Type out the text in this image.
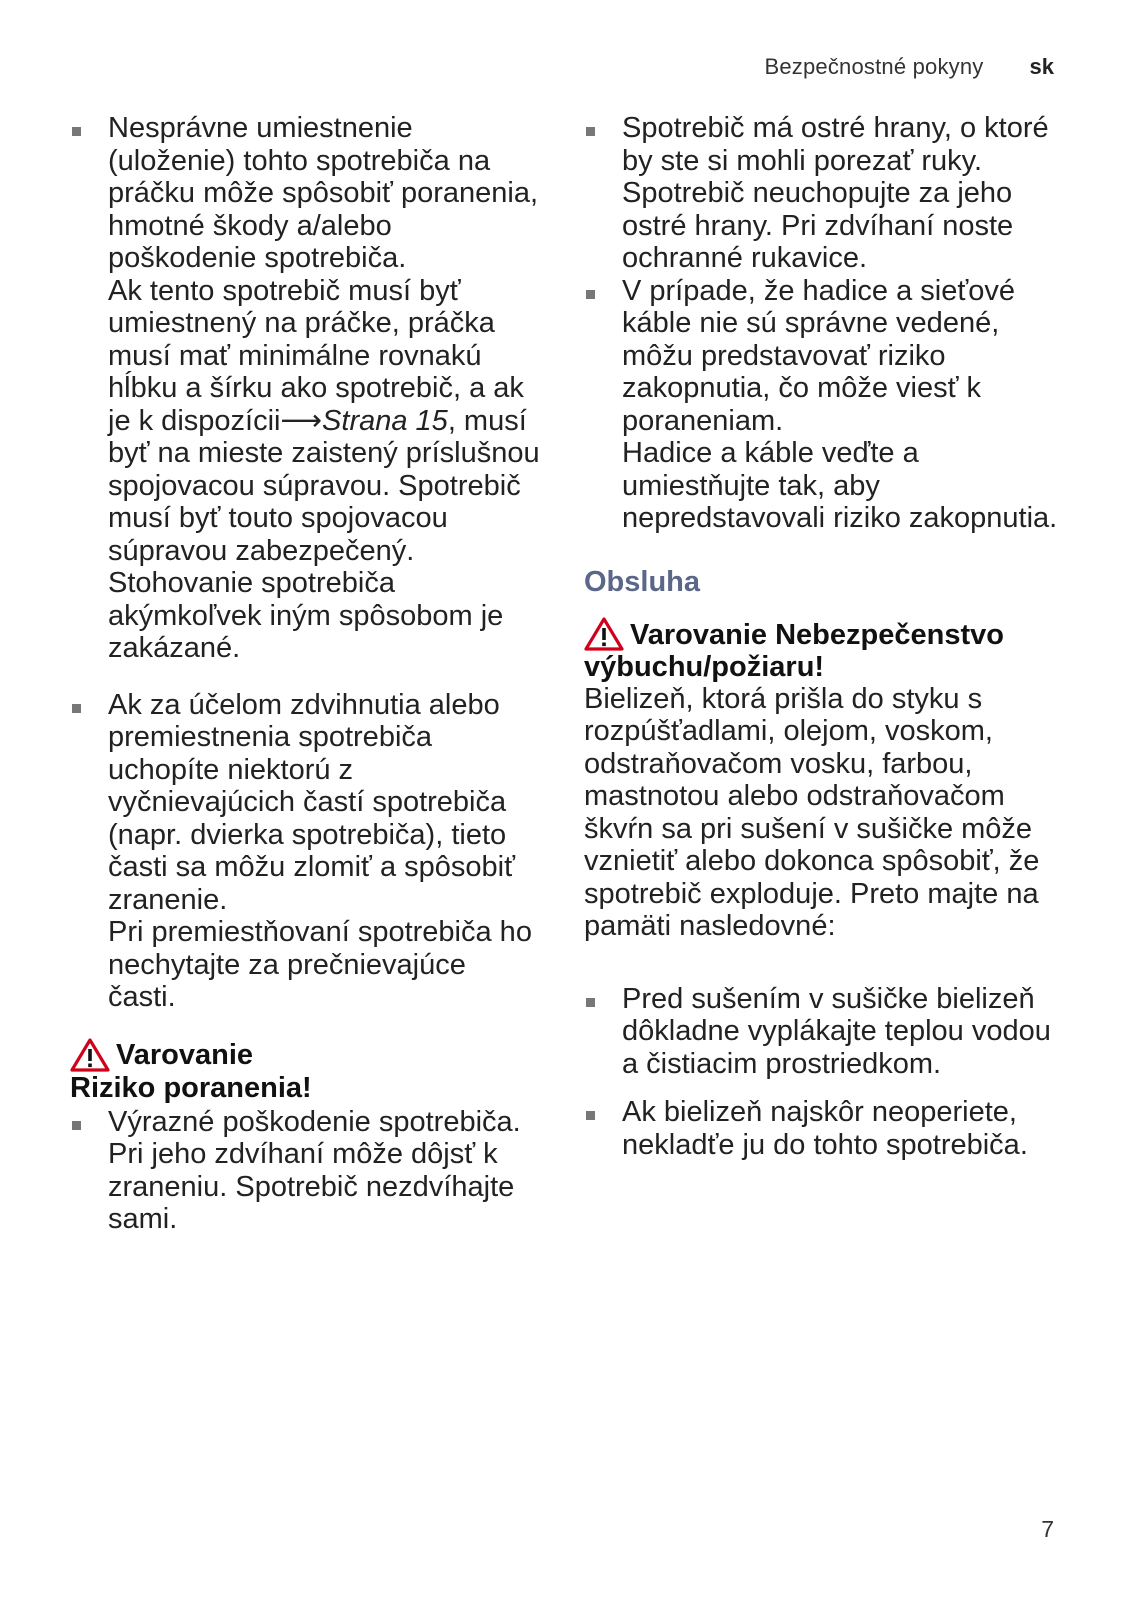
Bezpečnostné pokyny sk

Nesprávne umiestnenie (uloženie) tohto spotrebiča na práčku môže spôsobiť poranenia, hmotné škody a/alebo poškodenie spotrebiča.

Ak tento spotrebič musí byť umiestnený na práčke, práčka musí mať minimálne rovnakú hĺbku a šírku ako spotrebič, a ak je k dispozícii⟶Strana 15, musí byť na mieste zaistený príslušnou spojovacou súpravou. Spotrebič musí byť touto spojovacou súpravou zabezpečený. Stohovanie spotrebiča akýmkoľvek iným spôsobom je zakázané.

Ak za účelom zdvihnutia alebo premiestnenia spotrebiča uchopíte niektorú z vyčnievajúcich častí spotrebiča (napr. dvierka spotrebiča), tieto časti sa môžu zlomiť a spôsobiť zranenie.

Pri premiestňovaní spotrebiča ho nechytajte za prečnievajúce časti.

Varovanie

Riziko poranenia!

Výrazné poškodenie spotrebiča. Pri jeho zdvíhaní môže dôjsť k zraneniu. Spotrebič nezdvíhajte sami.

Spotrebič má ostré hrany, o ktoré by ste si mohli porezať ruky.

Spotrebič neuchopujte za jeho ostré hrany. Pri zdvíhaní noste ochranné rukavice.

V prípade, že hadice a sieťové káble nie sú správne vedené, môžu predstavovať riziko zakopnutia, čo môže viesť k poraneniam.

Hadice a káble veďte a umiestňujte tak, aby nepredstavovali riziko zakopnutia.

Obsluha

Varovanie Nebezpečenstvo výbuchu/požiaru!

Bielizeň, ktorá prišla do styku s rozpúšťadlami, olejom, voskom, odstraňovačom vosku, farbou, mastnotou alebo odstraňovačom škvŕn sa pri sušení v sušičke môže vznietiť alebo dokonca spôsobiť, že spotrebič exploduje. Preto majte na pamäti nasledovné:

Pred sušením v sušičke bielizeň dôkladne vyplákajte teplou vodou a čistiacim prostriedkom.

Ak bielizeň najskôr neoperiete, nekladťe ju do tohto spotrebiča.

7
